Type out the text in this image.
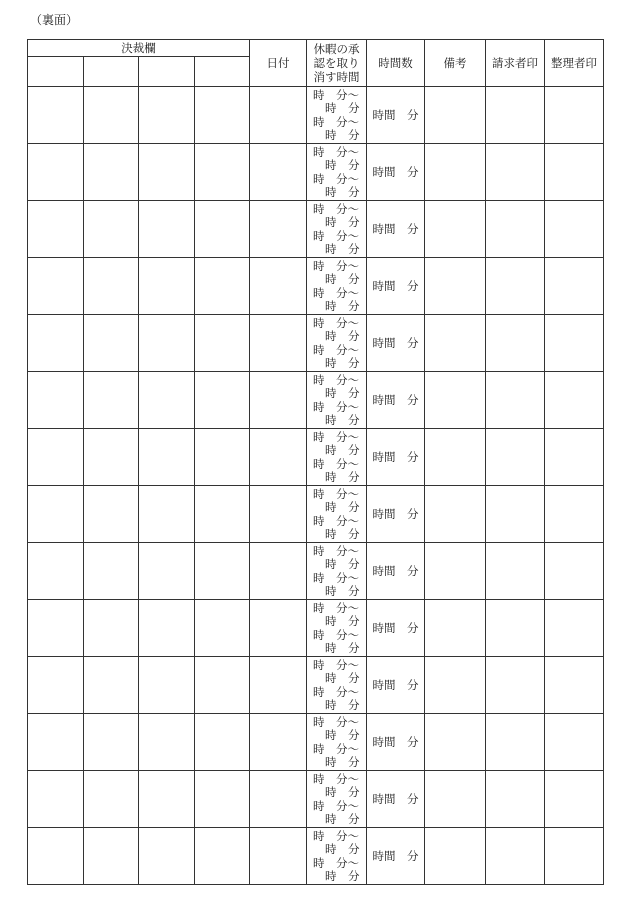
（裏面）
決裁欄				日付	休暇の承
認を取り
消す時間	時間数	備考	請求者印	整理者印

					時　分～
時　分
時　分～
時　分	時間　分			

					時　分～
時　分
時　分～
時　分	時間　分			

					時　分～
時　分
時　分～
時　分	時間　分			

					時　分～
時　分
時　分～
時　分	時間　分			

					時　分～
時　分
時　分～
時　分	時間　分			

					時　分～
時　分
時　分～
時　分	時間　分			

					時　分～
時　分
時　分～
時　分	時間　分			

					時　分～
時　分
時　分～
時　分	時間　分			

					時　分～
時　分
時　分～
時　分	時間　分			

					時　分～
時　分
時　分～
時　分	時間　分			

					時　分～
時　分
時　分～
時　分	時間　分			

					時　分～
時　分
時　分～
時　分	時間　分			

					時　分～
時　分
時　分～
時　分	時間　分			

					時　分～
時　分
時　分～
時　分	時間　分			
